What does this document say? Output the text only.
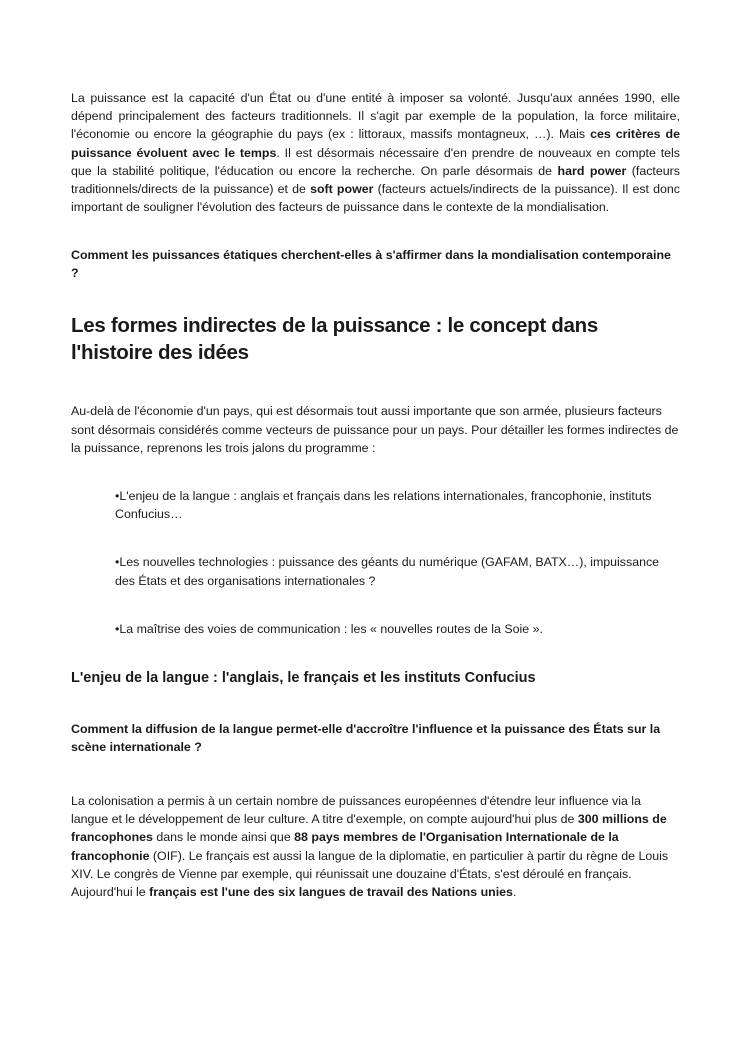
La puissance est la capacité d'un État ou d'une entité à imposer sa volonté. Jusqu'aux années 1990, elle dépend principalement des facteurs traditionnels. Il s'agit par exemple de la population, la force militaire, l'économie ou encore la géographie du pays (ex : littoraux, massifs montagneux, …). Mais ces critères de puissance évoluent avec le temps. Il est désormais nécessaire d'en prendre de nouveaux en compte tels que la stabilité politique, l'éducation ou encore la recherche. On parle désormais de hard power (facteurs traditionnels/directs de la puissance) et de soft power (facteurs actuels/indirects de la puissance). Il est donc important de souligner l'évolution des facteurs de puissance dans le contexte de la mondialisation.

Comment les puissances étatiques cherchent-elles à s'affirmer dans la mondialisation contemporaine ?

Les formes indirectes de la puissance : le concept dans l'histoire des idées

Au-delà de l'économie d'un pays, qui est désormais tout aussi importante que son armée, plusieurs facteurs sont désormais considérés comme vecteurs de puissance pour un pays. Pour détailler les formes indirectes de la puissance, reprenons les trois jalons du programme :

•L'enjeu de la langue : anglais et français dans les relations internationales, francophonie, instituts Confucius…

•Les nouvelles technologies : puissance des géants du numérique (GAFAM, BATX…), impuissance des États et des organisations internationales ?

•La maîtrise des voies de communication : les « nouvelles routes de la Soie ».

L'enjeu de la langue : l'anglais, le français et les instituts Confucius

Comment la diffusion de la langue permet-elle d'accroître l'influence et la puissance des États sur la scène internationale ?

La colonisation a permis à un certain nombre de puissances européennes d'étendre leur influence via la langue et le développement de leur culture. A titre d'exemple, on compte aujourd'hui plus de 300 millions de francophones dans le monde ainsi que 88 pays membres de l'Organisation Internationale de la francophonie (OIF). Le français est aussi la langue de la diplomatie, en particulier à partir du règne de Louis XIV. Le congrès de Vienne par exemple, qui réunissait une douzaine d'États, s'est déroulé en français. Aujourd'hui le français est l'une des six langues de travail des Nations unies.
